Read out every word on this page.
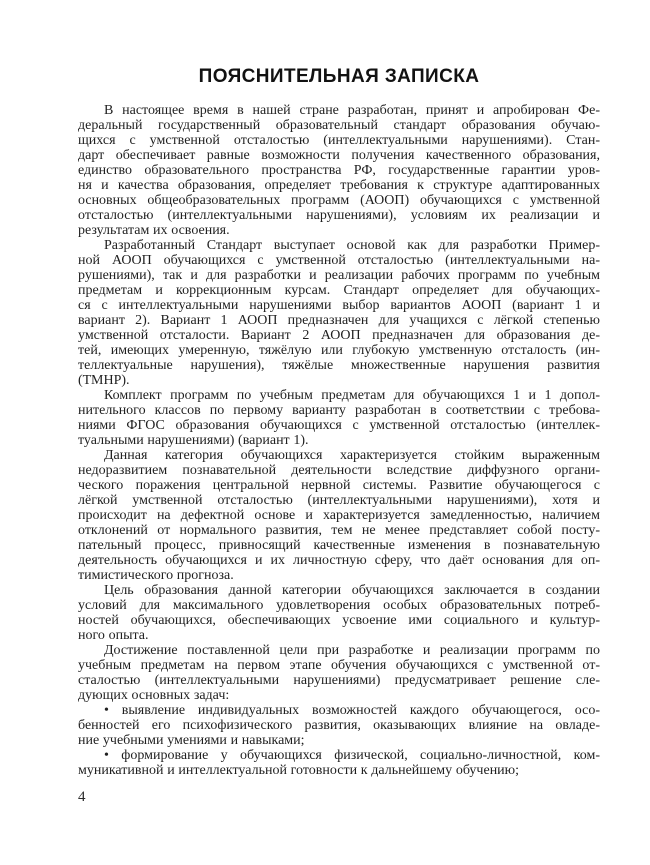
ПОЯСНИТЕЛЬНАЯ ЗАПИСКА
В настоящее время в нашей стране разработан, принят и апробирован Фе-
деральный государственный образовательный стандарт образования обучаю-
щихся с умственной отсталостью (интеллектуальными нарушениями). Стан-
дарт обеспечивает равные возможности получения качественного образования,
единство образовательного пространства РФ, государственные гарантии уров-
ня и качества образования, определяет требования к структуре адаптированных
основных общеобразовательных программ (АООП) обучающихся с умственной
отсталостью (интеллектуальными нарушениями), условиям их реализации и
результатам их освоения.
Разработанный Стандарт выступает основой как для разработки Пример-
ной АООП обучающихся с умственной отсталостью (интеллектуальными на-
рушениями), так и для разработки и реализации рабочих программ по учебным
предметам и коррекционным курсам. Стандарт определяет для обучающих-
ся с интеллектуальными нарушениями выбор вариантов АООП (вариант 1 и
вариант 2). Вариант 1 АООП предназначен для учащихся с лёгкой степенью
умственной отсталости. Вариант 2 АООП предназначен для образования де-
тей, имеющих умеренную, тяжёлую или глубокую умственную отсталость (ин-
теллектуальные нарушения), тяжёлые множественные нарушения развития
(ТМНР).
Комплект программ по учебным предметам для обучающихся 1 и 1 допол-
нительного классов по первому варианту разработан в соответствии с требова-
ниями ФГОС образования обучающихся с умственной отсталостью (интеллек-
туальными нарушениями) (вариант 1).
Данная категория обучающихся характеризуется стойким выраженным
недоразвитием познавательной деятельности вследствие диффузного органи-
ческого поражения центральной нервной системы. Развитие обучающегося с
лёгкой умственной отсталостью (интеллектуальными нарушениями), хотя и
происходит на дефектной основе и характеризуется замедленностью, наличием
отклонений от нормального развития, тем не менее представляет собой посту-
пательный процесс, привносящий качественные изменения в познавательную
деятельность обучающихся и их личностную сферу, что даёт основания для оп-
тимистического прогноза.
Цель образования данной категории обучающихся заключается в создании
условий для максимального удовлетворения особых образовательных потреб-
ностей обучающихся, обеспечивающих усвоение ими социального и культур-
ного опыта.
Достижение поставленной цели при разработке и реализации программ по
учебным предметам на первом этапе обучения обучающихся с умственной от-
сталостью (интеллектуальными нарушениями) предусматривает решение сле-
дующих основных задач:
• выявление индивидуальных возможностей каждого обучающегося, осо-
бенностей его психофизического развития, оказывающих влияние на овладе-
ние учебными умениями и навыками;
• формирование у обучающихся физической, социально-личностной, ком-
муникативной и интеллектуальной готовности к дальнейшему обучению;
4
